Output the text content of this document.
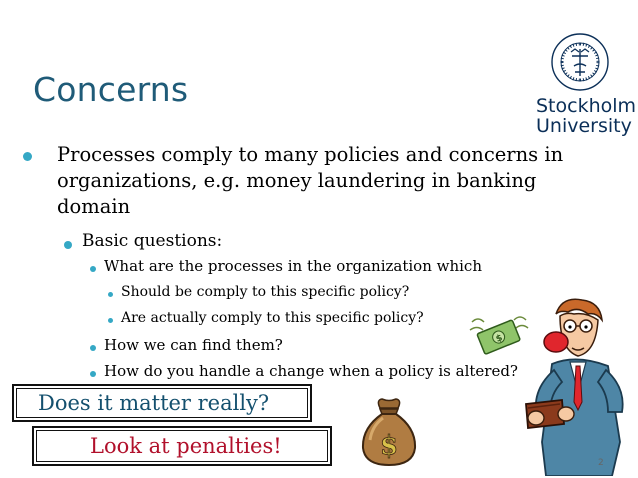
Concerns	Stockholm
University
Processes comply to many policies and concerns in organizations, e.g. money laundering in banking domain
Basic questions:
What are the processes in the organization which
Should be comply to this specific policy?
Are actually comply to this specific policy?
How we can find them?
How do you handle a change when a policy is altered?
Does it matter really?
Look at penalties!	$
$
2
